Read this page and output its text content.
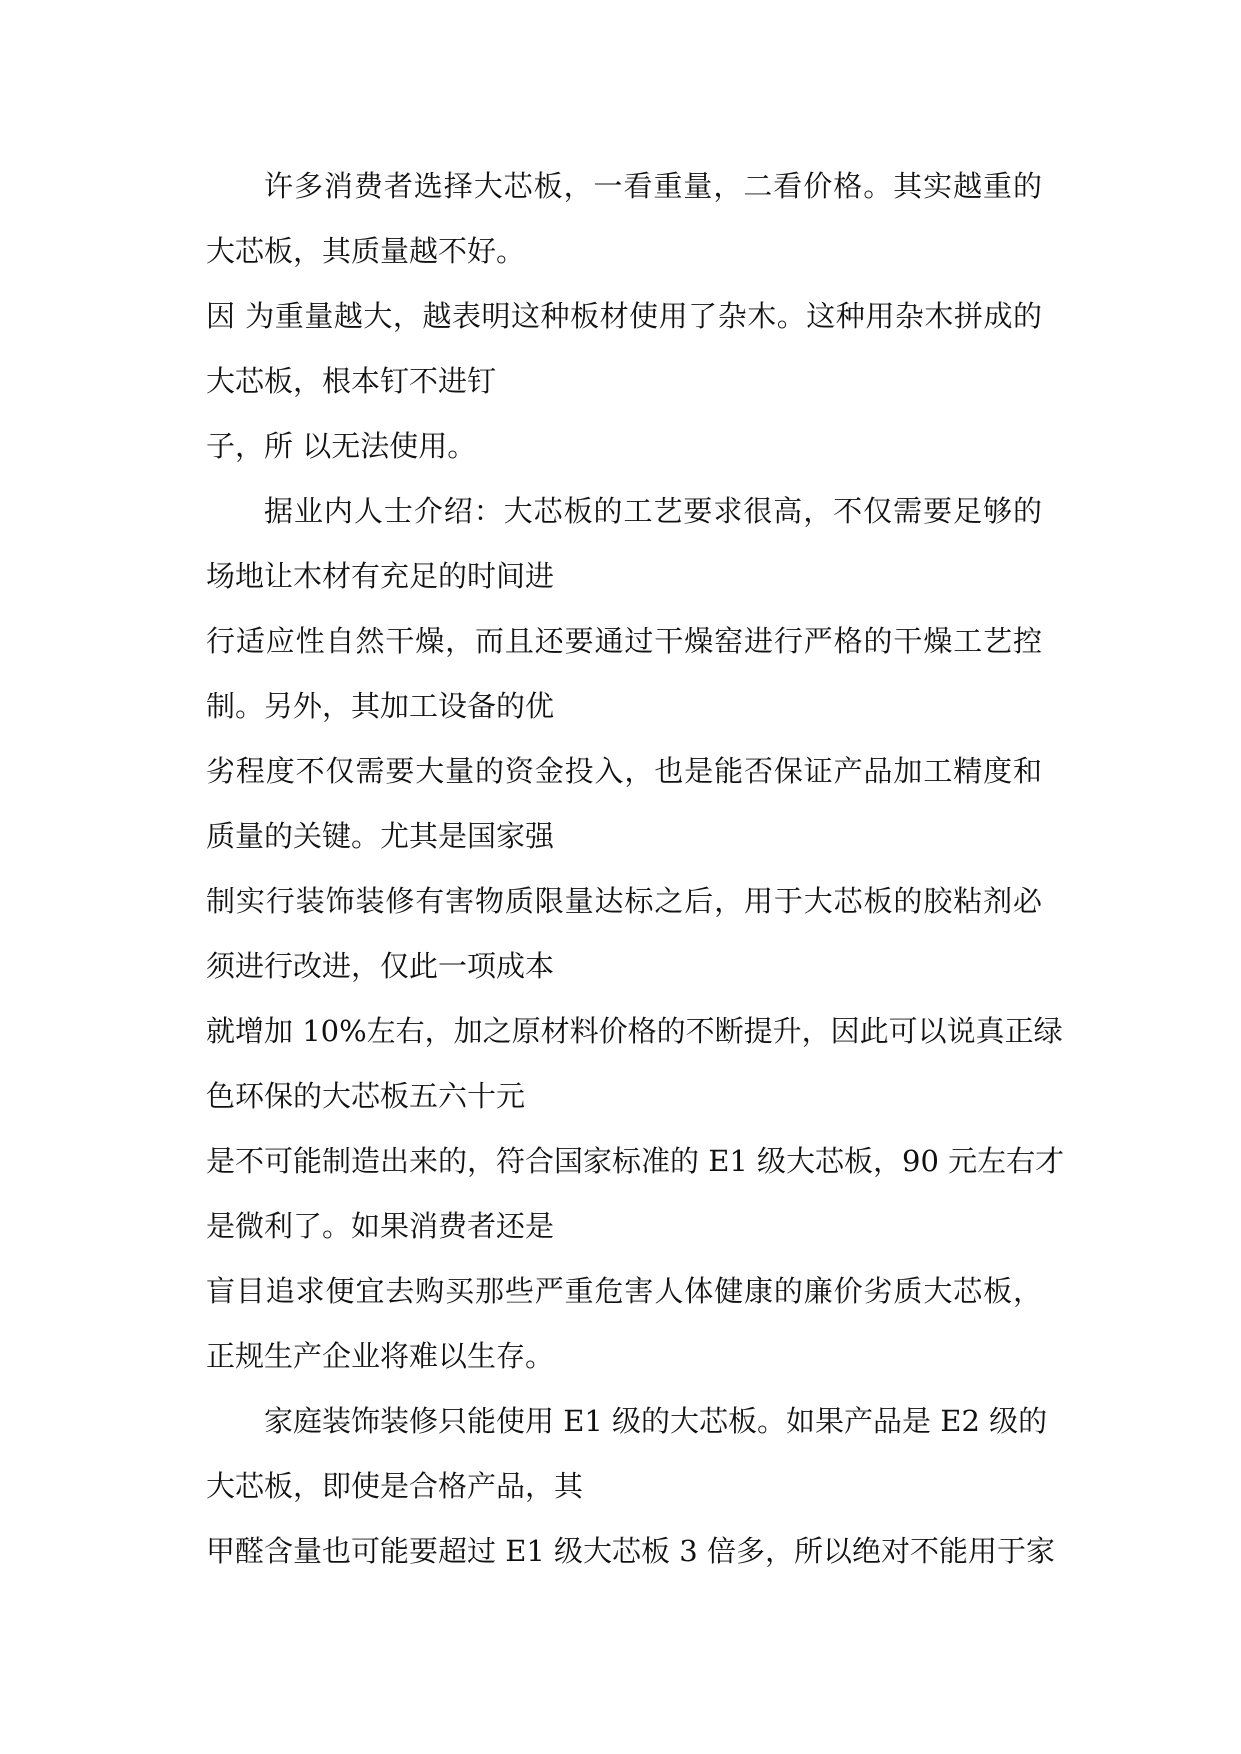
许多消费者选择大芯板，一看重量，二看价格。其实越重的
大芯板，其质量越不好。
因 为重量越大，越表明这种板材使用了杂木。这种用杂木拼成的
大芯板，根本钉不进钉
子，所 以无法使用。
据业内人士介绍：大芯板的工艺要求很高，不仅需要足够的
场地让木材有充足的时间进
行适应性自然干燥，而且还要通过干燥窑进行严格的干燥工艺控
制。另外，其加工设备的优
劣程度不仅需要大量的资金投入，也是能否保证产品加工精度和
质量的关键。尤其是国家强
制实行装饰装修有害物质限量达标之后，用于大芯板的胶粘剂必
须进行改进，仅此一项成本
就增加 10%左右，加之原材料价格的不断提升，因此可以说真正绿
色环保的大芯板五六十元
是不可能制造出来的，符合国家标准的 E1 级大芯板，90 元左右才
是微利了。如果消费者还是
盲目追求便宜去购买那些严重危害人体健康的廉价劣质大芯板，
正规生产企业将难以生存。
家庭装饰装修只能使用 E1 级的大芯板。如果产品是 E2 级的
大芯板，即使是合格产品，其
甲醛含量也可能要超过 E1 级大芯板 3 倍多，所以绝对不能用于家
